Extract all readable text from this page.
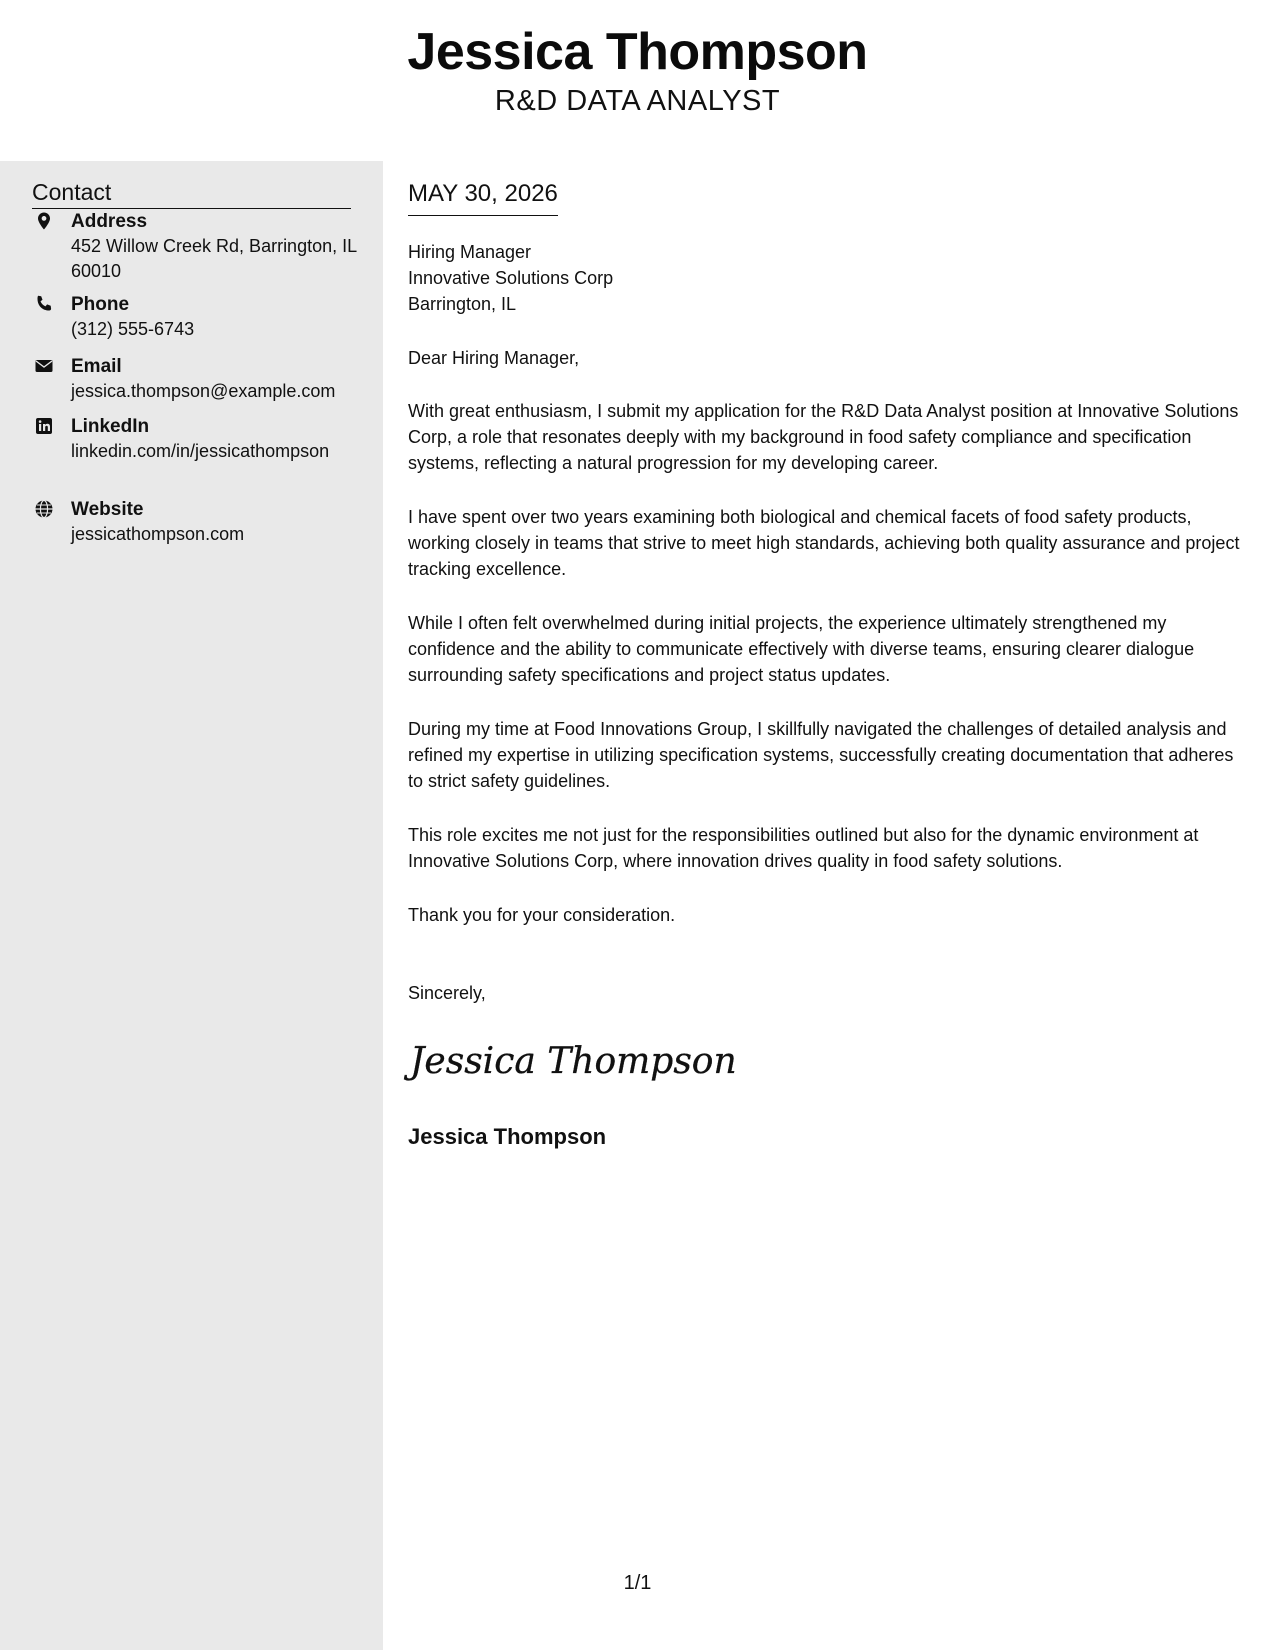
Jessica Thompson
R&D DATA ANALYST
Contact
Address
452 Willow Creek Rd, Barrington, IL 60010
Phone
(312) 555-6743
Email
jessica.thompson@example.com
LinkedIn
linkedin.com/in/jessicathompson
Website
jessicathompson.com
MAY 30, 2026
Hiring Manager
Innovative Solutions Corp
Barrington, IL
Dear Hiring Manager,
With great enthusiasm, I submit my application for the R&D Data Analyst position at Innovative Solutions Corp, a role that resonates deeply with my background in food safety compliance and specification systems, reflecting a natural progression for my developing career.
I have spent over two years examining both biological and chemical facets of food safety products, working closely in teams that strive to meet high standards, achieving both quality assurance and project tracking excellence.
While I often felt overwhelmed during initial projects, the experience ultimately strengthened my confidence and the ability to communicate effectively with diverse teams, ensuring clearer dialogue surrounding safety specifications and project status updates.
During my time at Food Innovations Group, I skillfully navigated the challenges of detailed analysis and refined my expertise in utilizing specification systems, successfully creating documentation that adheres to strict safety guidelines.
This role excites me not just for the responsibilities outlined but also for the dynamic environment at Innovative Solutions Corp, where innovation drives quality in food safety solutions.
Thank you for your consideration.
Sincerely,
Jessica Thompson
Jessica Thompson
1/1
